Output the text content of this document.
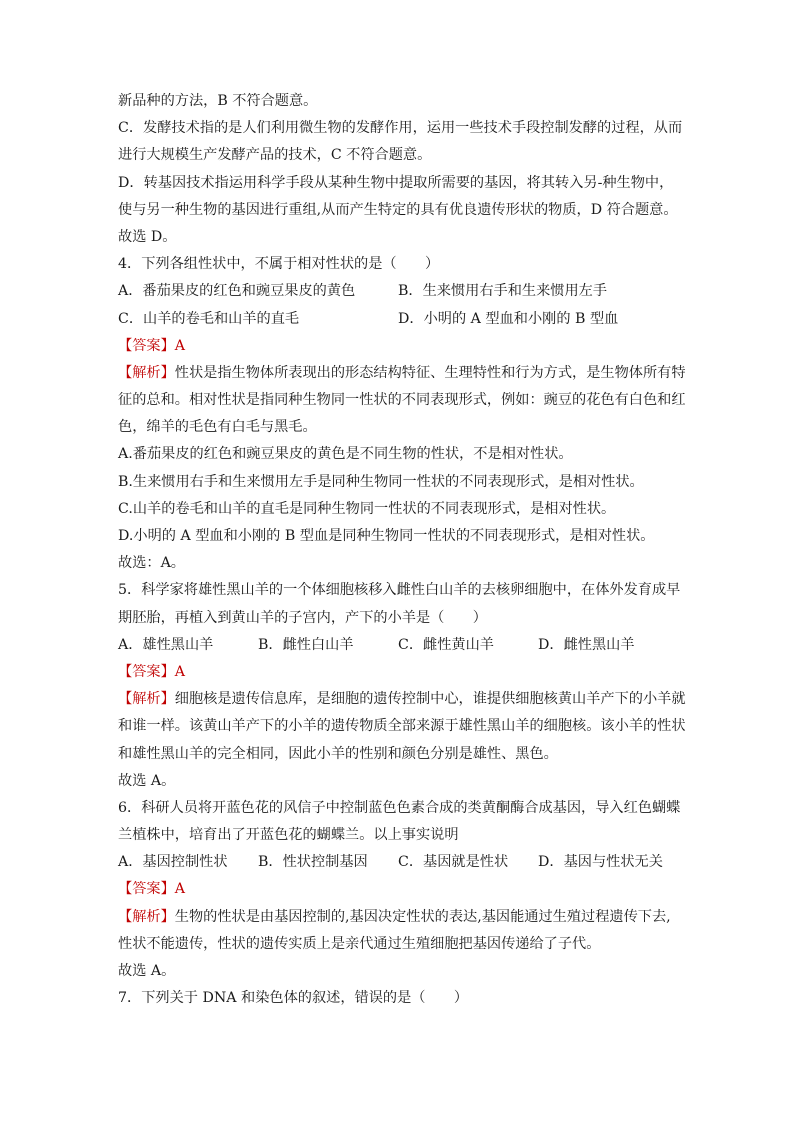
新品种的方法，B 不符合题意。
C．发酵技术指的是人们利用微生物的发酵作用，运用一些技术手段控制发酵的过程，从而
进行大规模生产发酵产品的技术，C 不符合题意。
D．转基因技术指运用科学手段从某种生物中提取所需要的基因，将其转入另-种生物中，
使与另一种生物的基因进行重组,从而产生特定的具有优良遗传形状的物质，D 符合题意。
故选 D。
4．下列各组性状中，不属于相对性状的是（　　）
A．番茄果皮的红色和豌豆果皮的黄色	B．生来惯用右手和生来惯用左手
C．山羊的卷毛和山羊的直毛	D．小明的 A 型血和小刚的 B 型血
【答案】A
【解析】性状是指生物体所表现出的形态结构特征、生理特性和行为方式，是生物体所有特
征的总和。相对性状是指同种生物同一性状的不同表现形式，例如：豌豆的花色有白色和红
色，绵羊的毛色有白毛与黑毛。
A.番茄果皮的红色和豌豆果皮的黄色是不同生物的性状，不是相对性状。
B.生来惯用右手和生来惯用左手是同种生物同一性状的不同表现形式，是相对性状。
C.山羊的卷毛和山羊的直毛是同种生物同一性状的不同表现形式，是相对性状。
D.小明的 A 型血和小刚的 B 型血是同种生物同一性状的不同表现形式，是相对性状。
故选：A。
5．科学家将雄性黑山羊的一个体细胞核移入雌性白山羊的去核卵细胞中，在体外发育成早
期胚胎，再植入到黄山羊的子宫内，产下的小羊是（　　）
A．雄性黑山羊	B．雌性白山羊	C．雌性黄山羊	D．雌性黑山羊
【答案】A
【解析】细胞核是遗传信息库，是细胞的遗传控制中心，谁提供细胞核黄山羊产下的小羊就
和谁一样。该黄山羊产下的小羊的遗传物质全部来源于雄性黑山羊的细胞核。该小羊的性状
和雄性黑山羊的完全相同，因此小羊的性别和颜色分别是雄性、黑色。
故选 A。
6．科研人员将开蓝色花的风信子中控制蓝色色素合成的类黄酮酶合成基因，导入红色蝴蝶
兰植株中，培育出了开蓝色花的蝴蝶兰。以上事实说明
A．基因控制性状	B．性状控制基因	C．基因就是性状	D．基因与性状无关
【答案】A
【解析】生物的性状是由基因控制的,基因决定性状的表达,基因能通过生殖过程遗传下去,
性状不能遗传，性状的遗传实质上是亲代通过生殖细胞把基因传递给了子代。
故选 A。
7．下列关于 DNA 和染色体的叙述，错误的是（　　）
